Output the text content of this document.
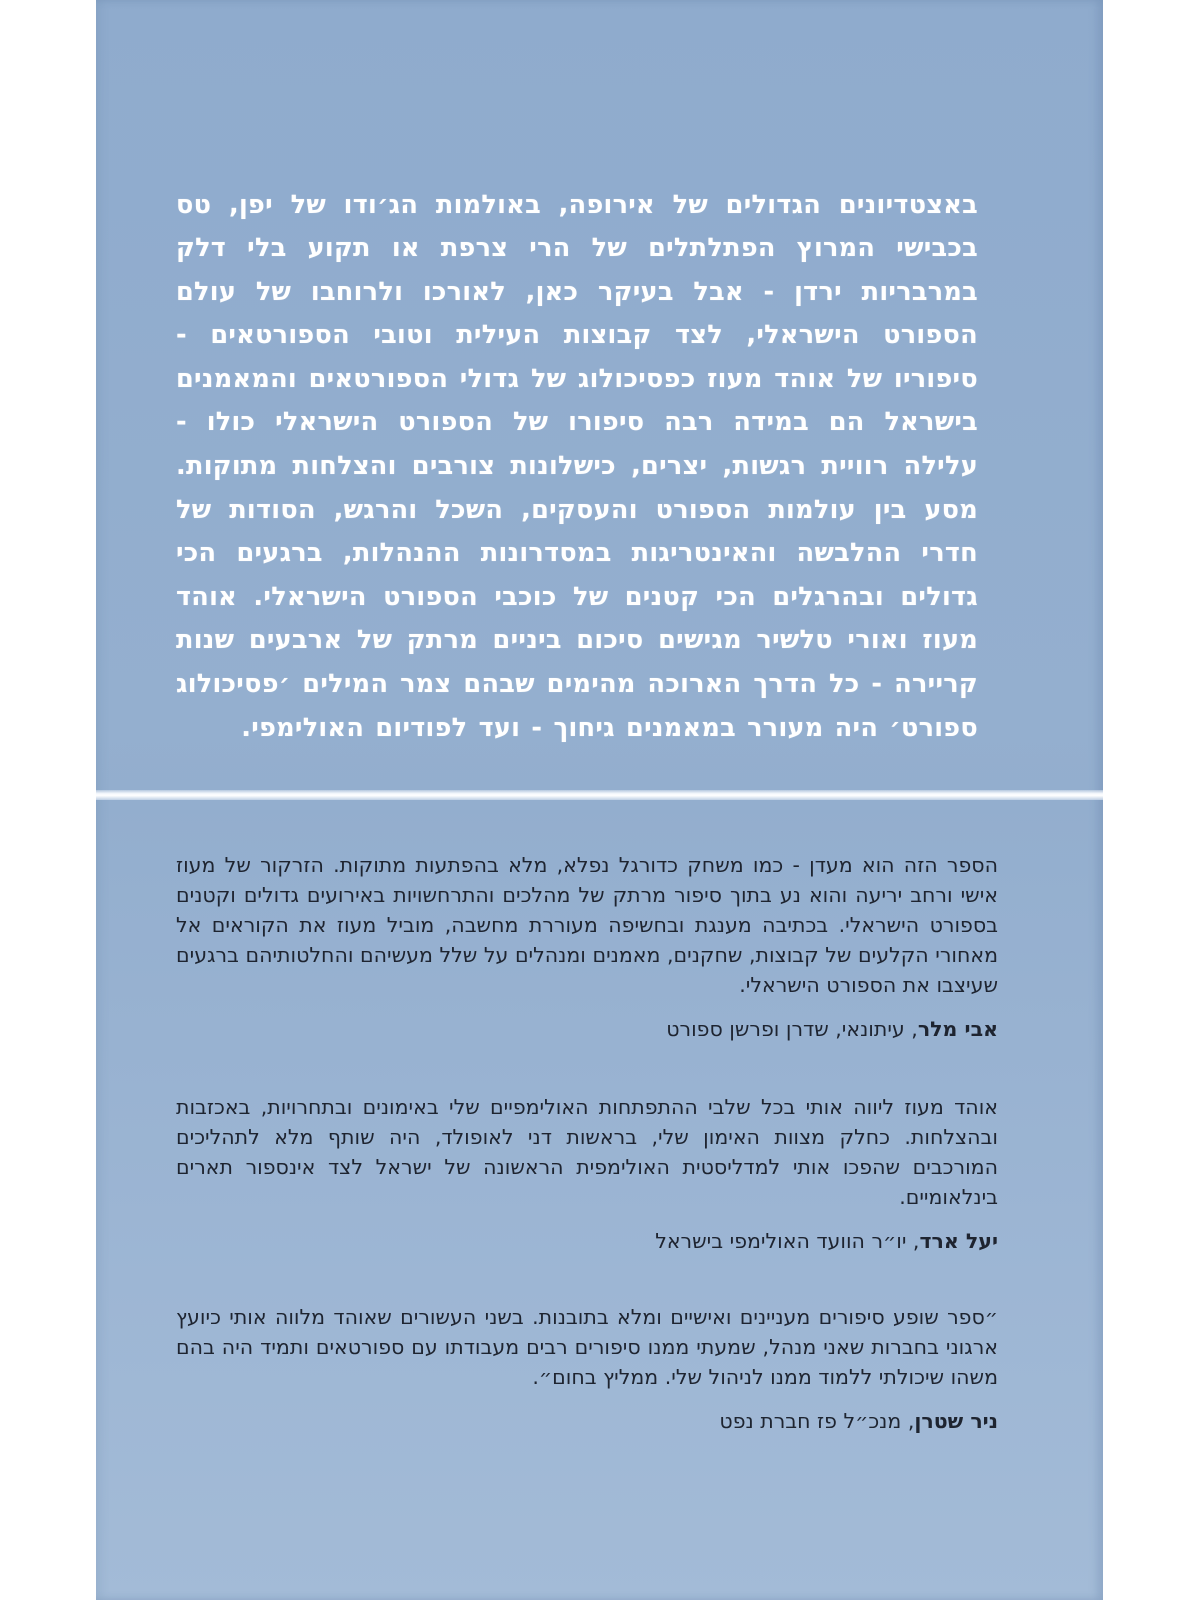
באצטדיונים הגדולים של אירופה, באולמות הג׳ודו של יפן, טס בכבישי המרוץ הפתלתלים של הרי צרפת או תקוע בלי דלק במרבריות ירדן - אבל בעיקר כאן, לאורכו ולרוחבו של עולם הספורט הישראלי, לצד קבוצות העילית וטובי הספורטאים - סיפוריו של אוהד מעוז כפסיכולוג של גדולי הספורטאים והמאמנים בישראל הם במידה רבה סיפורו של הספורט הישראלי כולו - עלילה רוויית רגשות, יצרים, כישלונות צורבים והצלחות מתוקות. מסע בין עולמות הספורט והעסקים, השכל והרגש, הסודות של חדרי ההלבשה והאינטריגות במסדרונות ההנהלות, ברגעים הכי גדולים ובהרגלים הכי קטנים של כוכבי הספורט הישראלי. אוהד מעוז ואורי טלשיר מגישים סיכום ביניים מרתק של ארבעים שנות קריירה - כל הדרך הארוכה מהימים שבהם צמר המילים ׳פסיכולוג ספורט׳ היה מעורר במאמנים גיחוך - ועד לפודיום האולימפי.

הספר הזה הוא מעדן - כמו משחק כדורגל נפלא, מלא בהפתעות מתוקות. הזרקור של מעוז אישי ורחב יריעה והוא נע בתוך סיפור מרתק של מהלכים והתרחשויות באירועים גדולים וקטנים בספורט הישראלי. בכתיבה מענגת ובחשיפה מעוררת מחשבה, מוביל מעוז את הקוראים אל מאחורי הקלעים של קבוצות, שחקנים, מאמנים ומנהלים על שלל מעשיהם והחלטותיהם ברגעים שעיצבו את הספורט הישראלי.

אבי מלר, עיתונאי, שדרן ופרשן ספורט

אוהד מעוז ליווה אותי בכל שלבי ההתפתחות האולימפיים שלי באימונים ובתחרויות, באכזבות ובהצלחות. כחלק מצוות האימון שלי, בראשות דני לאופולד, היה שותף מלא לתהליכים המורכבים שהפכו אותי למדליסטית האולימפית הראשונה של ישראל לצד אינספור תארים בינלאומיים.

יעל ארד, יו״ר הוועד האולימפי בישראל

״ספר שופע סיפורים מעניינים ואישיים ומלא בתובנות. בשני העשורים שאוהד מלווה אותי כיועץ ארגוני בחברות שאני מנהל, שמעתי ממנו סיפורים רבים מעבודתו עם ספורטאים ותמיד היה בהם משהו שיכולתי ללמוד ממנו לניהול שלי. ממליץ בחום״.

ניר שטרן, מנכ״ל פז חברת נפט
